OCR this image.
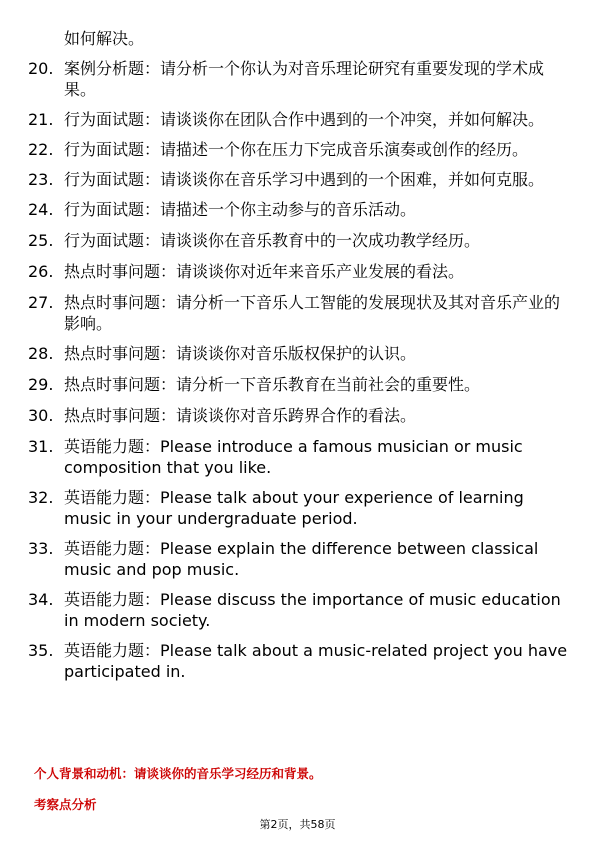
如何解决。
20. 案例分析题：请分析一个你认为对音乐理论研究有重要发现的学术成果。
21. 行为面试题：请谈谈你在团队合作中遇到的一个冲突，并如何解决。
22. 行为面试题：请描述一个你在压力下完成音乐演奏或创作的经历。
23. 行为面试题：请谈谈你在音乐学习中遇到的一个困难，并如何克服。
24. 行为面试题：请描述一个你主动参与的音乐活动。
25. 行为面试题：请谈谈你在音乐教育中的一次成功教学经历。
26. 热点时事问题：请谈谈你对近年来音乐产业发展的看法。
27. 热点时事问题：请分析一下音乐人工智能的发展现状及其对音乐产业的影响。
28. 热点时事问题：请谈谈你对音乐版权保护的认识。
29. 热点时事问题：请分析一下音乐教育在当前社会的重要性。
30. 热点时事问题：请谈谈你对音乐跨界合作的看法。
31. 英语能力题：Please introduce a famous musician or music composition that you like.
32. 英语能力题：Please talk about your experience of learning music in your undergraduate period.
33. 英语能力题：Please explain the difference between classical music and pop music.
34. 英语能力题：Please discuss the importance of music education in modern society.
35. 英语能力题：Please talk about a music-related project you have participated in.
个人背景和动机：请谈谈你的音乐学习经历和背景。
考察点分析
第2页，共58页
